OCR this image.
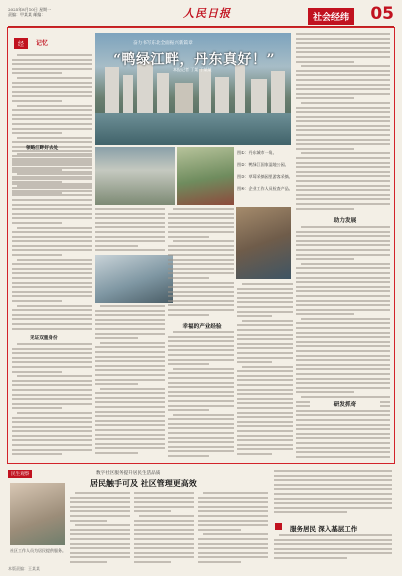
2025年8月10日 星期一
责编：甲某某 邮编：	人民日报	社会经纬 05
经	记忆
领略江畔好去处
见证双重身份
奋力书写东北全面振兴新篇章
“鸭绿江畔，丹东真好！”
本报记者 丁某 丁某某
图①：丹东城市一角。
图②：鸭绿江国家湿地公园。
图③：草莓采摘园里游客采摘。
图④：企业工作人员检查产品。
幸福的产业经验
助力发展
研发抓奇
民生观察	数字社区服务提升居民生活品质
居民触手可及 社区管理更高效
社区工作人员为居民提供服务。
服务居民 深入基层工作
本版责编：王某某
